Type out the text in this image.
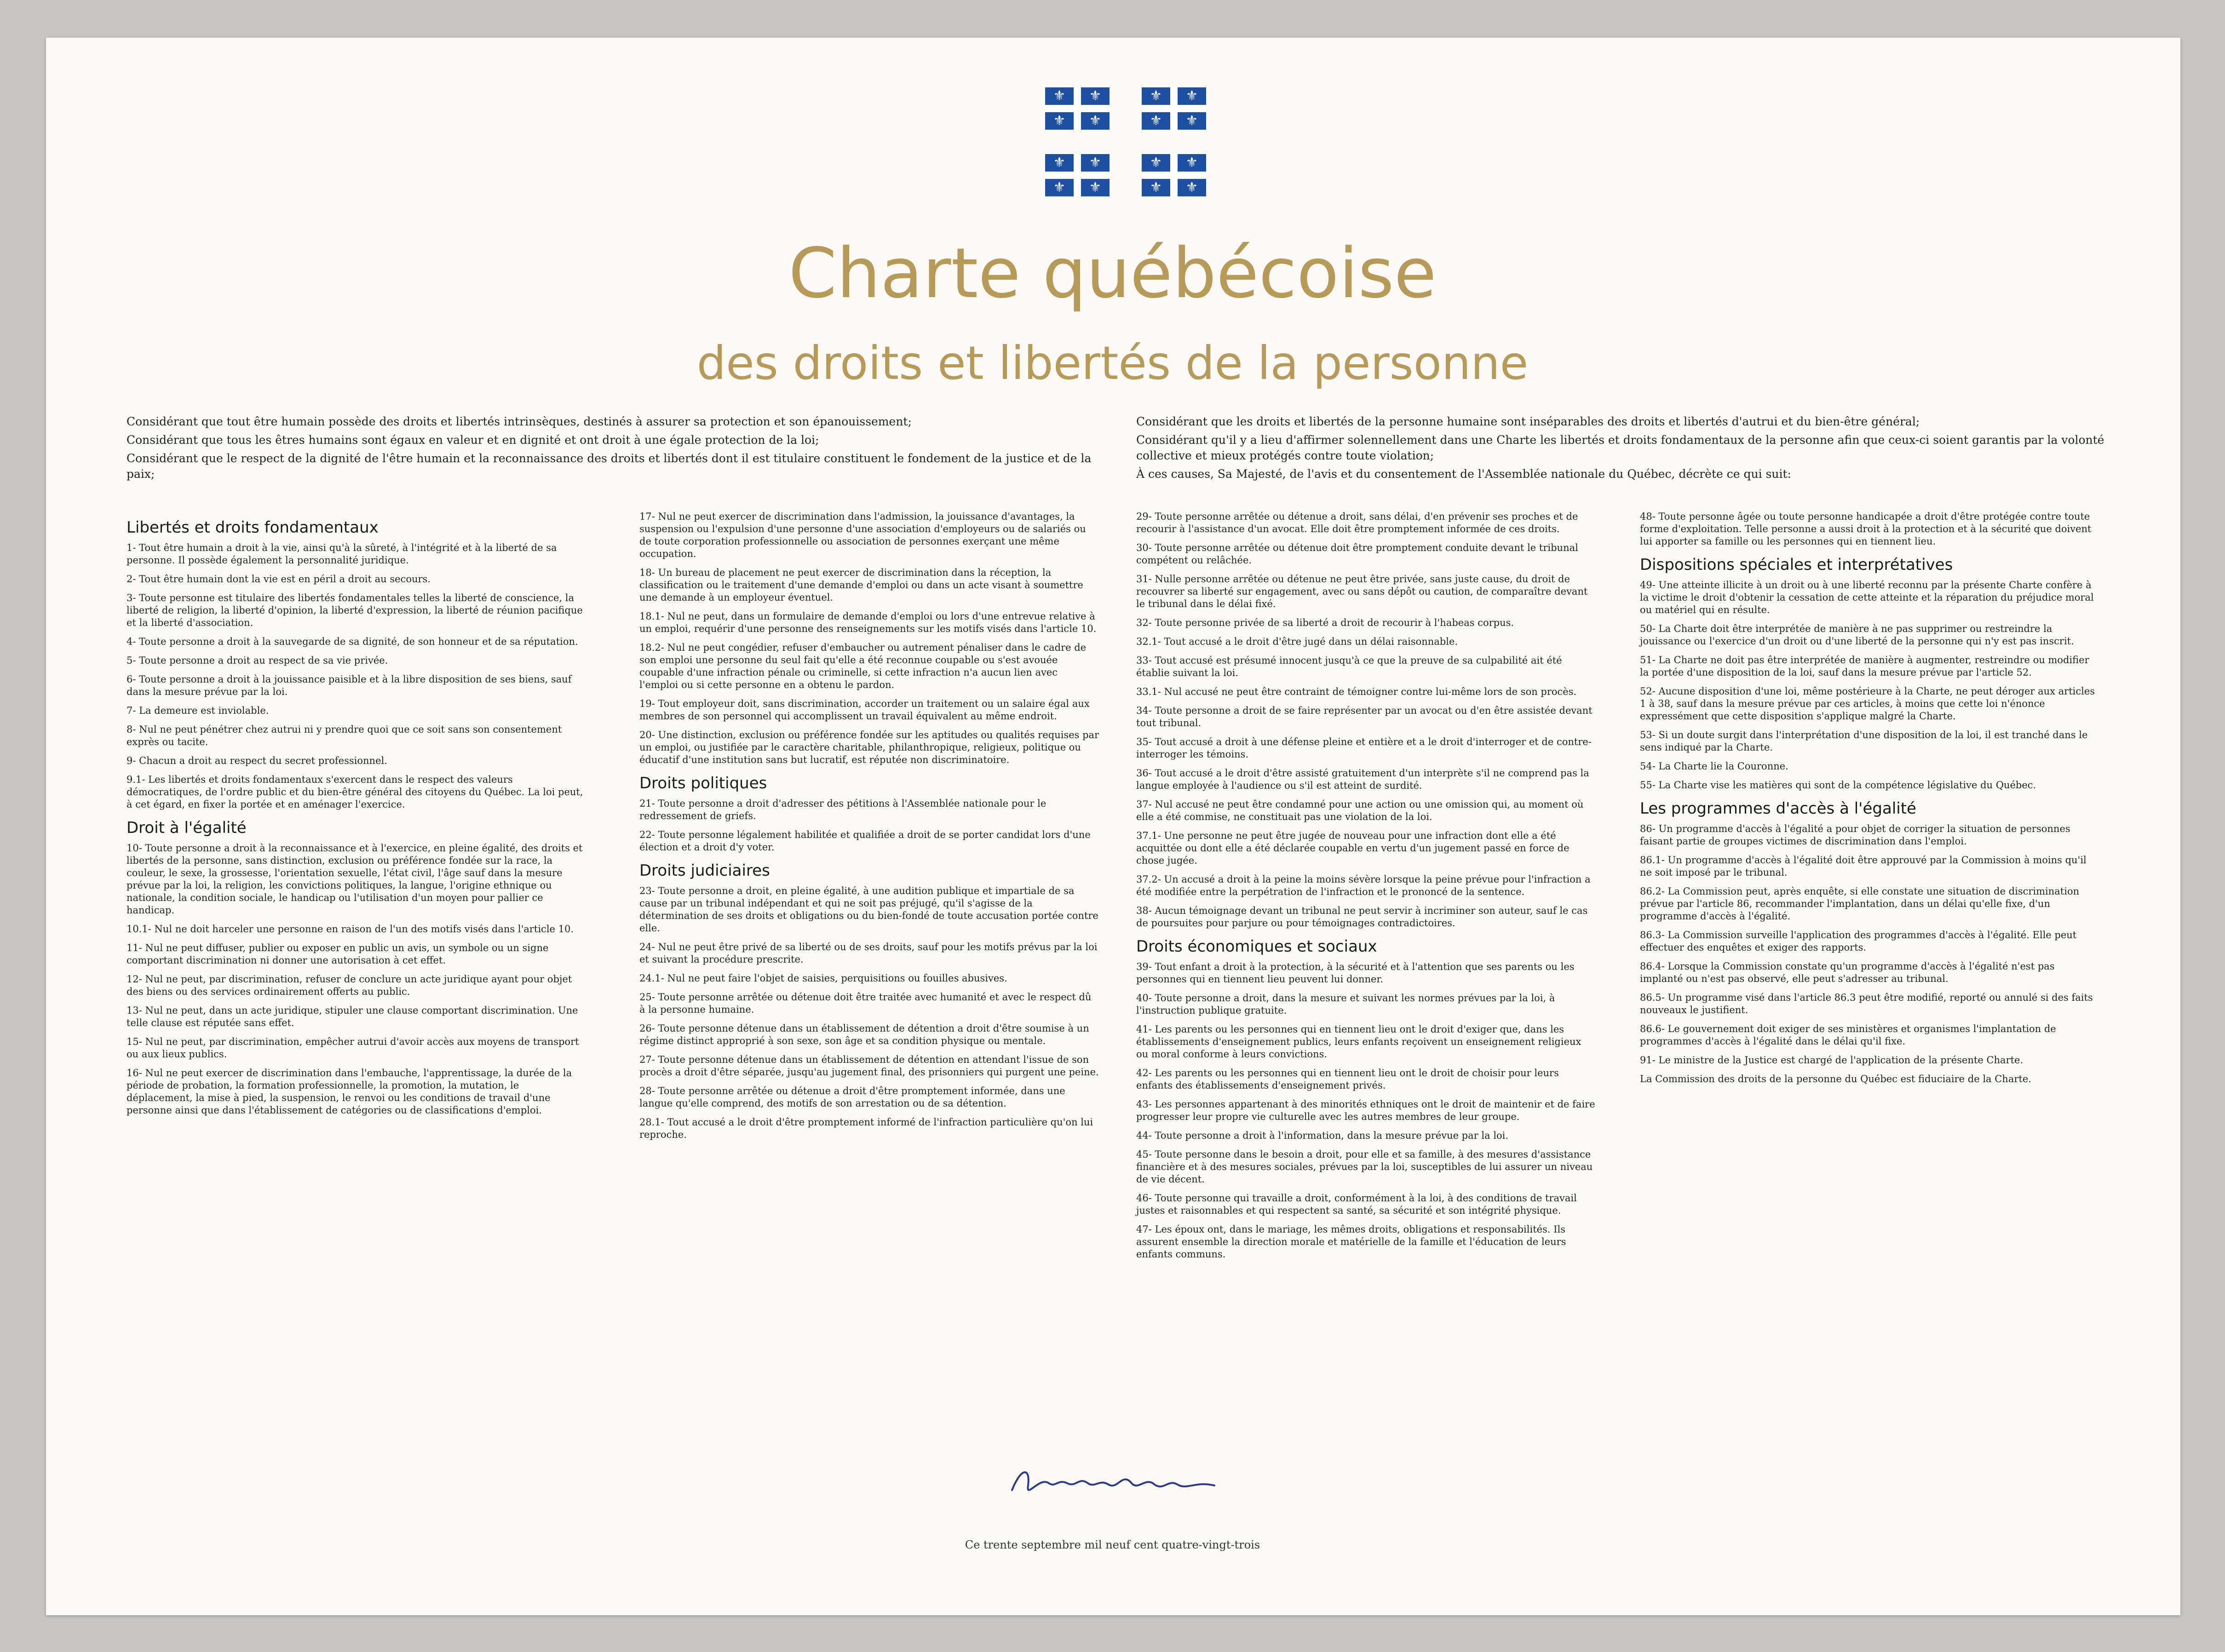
⚜	⚜
⚜	⚜
⚜	⚜
⚜	⚜
⚜	⚜
⚜	⚜
⚜	⚜
⚜	⚜
Charte québécoise
des droits et libertés de la personne

Considérant que tout être humain possède des droits et libertés intrinsèques, destinés à assurer sa protection et son épanouissement;

Considérant que tous les êtres humains sont égaux en valeur et en dignité et ont droit à une égale protection de la loi;

Considérant que le respect de la dignité de l'être humain et la reconnaissance des droits et libertés dont il est titulaire constituent le fondement de la justice et de la paix;

Considérant que les droits et libertés de la personne humaine sont inséparables des droits et libertés d'autrui et du bien-être général;

Considérant qu'il y a lieu d'affirmer solennellement dans une Charte les libertés et droits fondamentaux de la personne afin que ceux-ci soient garantis par la volonté collective et mieux protégés contre toute violation;

À ces causes, Sa Majesté, de l'avis et du consentement de l'Assemblée nationale du Québec, décrète ce qui suit:

Libertés et droits fondamentaux

1- Tout être humain a droit à la vie, ainsi qu'à la sûreté, à l'intégrité et à la liberté de sa personne. Il possède également la personnalité juridique.

2- Tout être humain dont la vie est en péril a droit au secours.

3- Toute personne est titulaire des libertés fondamentales telles la liberté de conscience, la liberté de religion, la liberté d'opinion, la liberté d'expression, la liberté de réunion pacifique et la liberté d'association.

4- Toute personne a droit à la sauvegarde de sa dignité, de son honneur et de sa réputation.

5- Toute personne a droit au respect de sa vie privée.

6- Toute personne a droit à la jouissance paisible et à la libre disposition de ses biens, sauf dans la mesure prévue par la loi.

7- La demeure est inviolable.

8- Nul ne peut pénétrer chez autrui ni y prendre quoi que ce soit sans son consentement exprès ou tacite.

9- Chacun a droit au respect du secret professionnel.

9.1- Les libertés et droits fondamentaux s'exercent dans le respect des valeurs démocratiques, de l'ordre public et du bien-être général des citoyens du Québec. La loi peut, à cet égard, en fixer la portée et en aménager l'exercice.

Droit à l'égalité

10- Toute personne a droit à la reconnaissance et à l'exercice, en pleine égalité, des droits et libertés de la personne, sans distinction, exclusion ou préférence fondée sur la race, la couleur, le sexe, la grossesse, l'orientation sexuelle, l'état civil, l'âge sauf dans la mesure prévue par la loi, la religion, les convictions politiques, la langue, l'origine ethnique ou nationale, la condition sociale, le handicap ou l'utilisation d'un moyen pour pallier ce handicap.

10.1- Nul ne doit harceler une personne en raison de l'un des motifs visés dans l'article 10.

11- Nul ne peut diffuser, publier ou exposer en public un avis, un symbole ou un signe comportant discrimination ni donner une autorisation à cet effet.

12- Nul ne peut, par discrimination, refuser de conclure un acte juridique ayant pour objet des biens ou des services ordinairement offerts au public.

13- Nul ne peut, dans un acte juridique, stipuler une clause comportant discrimination. Une telle clause est réputée sans effet.

15- Nul ne peut, par discrimination, empêcher autrui d'avoir accès aux moyens de transport ou aux lieux publics.

16- Nul ne peut exercer de discrimination dans l'embauche, l'apprentissage, la durée de la période de probation, la formation professionnelle, la promotion, la mutation, le déplacement, la mise à pied, la suspension, le renvoi ou les conditions de travail d'une personne ainsi que dans l'établissement de catégories ou de classifications d'emploi.

17- Nul ne peut exercer de discrimination dans l'admission, la jouissance d'avantages, la suspension ou l'expulsion d'une personne d'une association d'employeurs ou de salariés ou de toute corporation professionnelle ou association de personnes exerçant une même occupation.

18- Un bureau de placement ne peut exercer de discrimination dans la réception, la classification ou le traitement d'une demande d'emploi ou dans un acte visant à soumettre une demande à un employeur éventuel.

18.1- Nul ne peut, dans un formulaire de demande d'emploi ou lors d'une entrevue relative à un emploi, requérir d'une personne des renseignements sur les motifs visés dans l'article 10.

18.2- Nul ne peut congédier, refuser d'embaucher ou autrement pénaliser dans le cadre de son emploi une personne du seul fait qu'elle a été reconnue coupable ou s'est avouée coupable d'une infraction pénale ou criminelle, si cette infraction n'a aucun lien avec l'emploi ou si cette personne en a obtenu le pardon.

19- Tout employeur doit, sans discrimination, accorder un traitement ou un salaire égal aux membres de son personnel qui accomplissent un travail équivalent au même endroit.

20- Une distinction, exclusion ou préférence fondée sur les aptitudes ou qualités requises par un emploi, ou justifiée par le caractère charitable, philanthropique, religieux, politique ou éducatif d'une institution sans but lucratif, est réputée non discriminatoire.

Droits politiques

21- Toute personne a droit d'adresser des pétitions à l'Assemblée nationale pour le redressement de griefs.

22- Toute personne légalement habilitée et qualifiée a droit de se porter candidat lors d'une élection et a droit d'y voter.

Droits judiciaires

23- Toute personne a droit, en pleine égalité, à une audition publique et impartiale de sa cause par un tribunal indépendant et qui ne soit pas préjugé, qu'il s'agisse de la détermination de ses droits et obligations ou du bien-fondé de toute accusation portée contre elle.

24- Nul ne peut être privé de sa liberté ou de ses droits, sauf pour les motifs prévus par la loi et suivant la procédure prescrite.

24.1- Nul ne peut faire l'objet de saisies, perquisitions ou fouilles abusives.

25- Toute personne arrêtée ou détenue doit être traitée avec humanité et avec le respect dû à la personne humaine.

26- Toute personne détenue dans un établissement de détention a droit d'être soumise à un régime distinct approprié à son sexe, son âge et sa condition physique ou mentale.

27- Toute personne détenue dans un établissement de détention en attendant l'issue de son procès a droit d'être séparée, jusqu'au jugement final, des prisonniers qui purgent une peine.

28- Toute personne arrêtée ou détenue a droit d'être promptement informée, dans une langue qu'elle comprend, des motifs de son arrestation ou de sa détention.

28.1- Tout accusé a le droit d'être promptement informé de l'infraction particulière qu'on lui reproche.

29- Toute personne arrêtée ou détenue a droit, sans délai, d'en prévenir ses proches et de recourir à l'assistance d'un avocat. Elle doit être promptement informée de ces droits.

30- Toute personne arrêtée ou détenue doit être promptement conduite devant le tribunal compétent ou relâchée.

31- Nulle personne arrêtée ou détenue ne peut être privée, sans juste cause, du droit de recouvrer sa liberté sur engagement, avec ou sans dépôt ou caution, de comparaître devant le tribunal dans le délai fixé.

32- Toute personne privée de sa liberté a droit de recourir à l'habeas corpus.

32.1- Tout accusé a le droit d'être jugé dans un délai raisonnable.

33- Tout accusé est présumé innocent jusqu'à ce que la preuve de sa culpabilité ait été établie suivant la loi.

33.1- Nul accusé ne peut être contraint de témoigner contre lui-même lors de son procès.

34- Toute personne a droit de se faire représenter par un avocat ou d'en être assistée devant tout tribunal.

35- Tout accusé a droit à une défense pleine et entière et a le droit d'interroger et de contre-interroger les témoins.

36- Tout accusé a le droit d'être assisté gratuitement d'un interprète s'il ne comprend pas la langue employée à l'audience ou s'il est atteint de surdité.

37- Nul accusé ne peut être condamné pour une action ou une omission qui, au moment où elle a été commise, ne constituait pas une violation de la loi.

37.1- Une personne ne peut être jugée de nouveau pour une infraction dont elle a été acquittée ou dont elle a été déclarée coupable en vertu d'un jugement passé en force de chose jugée.

37.2- Un accusé a droit à la peine la moins sévère lorsque la peine prévue pour l'infraction a été modifiée entre la perpétration de l'infraction et le prononcé de la sentence.

38- Aucun témoignage devant un tribunal ne peut servir à incriminer son auteur, sauf le cas de poursuites pour parjure ou pour témoignages contradictoires.

Droits économiques et sociaux

39- Tout enfant a droit à la protection, à la sécurité et à l'attention que ses parents ou les personnes qui en tiennent lieu peuvent lui donner.

40- Toute personne a droit, dans la mesure et suivant les normes prévues par la loi, à l'instruction publique gratuite.

41- Les parents ou les personnes qui en tiennent lieu ont le droit d'exiger que, dans les établissements d'enseignement publics, leurs enfants reçoivent un enseignement religieux ou moral conforme à leurs convictions.

42- Les parents ou les personnes qui en tiennent lieu ont le droit de choisir pour leurs enfants des établissements d'enseignement privés.

43- Les personnes appartenant à des minorités ethniques ont le droit de maintenir et de faire progresser leur propre vie culturelle avec les autres membres de leur groupe.

44- Toute personne a droit à l'information, dans la mesure prévue par la loi.

45- Toute personne dans le besoin a droit, pour elle et sa famille, à des mesures d'assistance financière et à des mesures sociales, prévues par la loi, susceptibles de lui assurer un niveau de vie décent.

46- Toute personne qui travaille a droit, conformément à la loi, à des conditions de travail justes et raisonnables et qui respectent sa santé, sa sécurité et son intégrité physique.

47- Les époux ont, dans le mariage, les mêmes droits, obligations et responsabilités. Ils assurent ensemble la direction morale et matérielle de la famille et l'éducation de leurs enfants communs.

48- Toute personne âgée ou toute personne handicapée a droit d'être protégée contre toute forme d'exploitation. Telle personne a aussi droit à la protection et à la sécurité que doivent lui apporter sa famille ou les personnes qui en tiennent lieu.

Dispositions spéciales et interprétatives

49- Une atteinte illicite à un droit ou à une liberté reconnu par la présente Charte confère à la victime le droit d'obtenir la cessation de cette atteinte et la réparation du préjudice moral ou matériel qui en résulte.

50- La Charte doit être interprétée de manière à ne pas supprimer ou restreindre la jouissance ou l'exercice d'un droit ou d'une liberté de la personne qui n'y est pas inscrit.

51- La Charte ne doit pas être interprétée de manière à augmenter, restreindre ou modifier la portée d'une disposition de la loi, sauf dans la mesure prévue par l'article 52.

52- Aucune disposition d'une loi, même postérieure à la Charte, ne peut déroger aux articles 1 à 38, sauf dans la mesure prévue par ces articles, à moins que cette loi n'énonce expressément que cette disposition s'applique malgré la Charte.

53- Si un doute surgit dans l'interprétation d'une disposition de la loi, il est tranché dans le sens indiqué par la Charte.

54- La Charte lie la Couronne.

55- La Charte vise les matières qui sont de la compétence législative du Québec.

Les programmes d'accès à l'égalité

86- Un programme d'accès à l'égalité a pour objet de corriger la situation de personnes faisant partie de groupes victimes de discrimination dans l'emploi.

86.1- Un programme d'accès à l'égalité doit être approuvé par la Commission à moins qu'il ne soit imposé par le tribunal.

86.2- La Commission peut, après enquête, si elle constate une situation de discrimination prévue par l'article 86, recommander l'implantation, dans un délai qu'elle fixe, d'un programme d'accès à l'égalité.

86.3- La Commission surveille l'application des programmes d'accès à l'égalité. Elle peut effectuer des enquêtes et exiger des rapports.

86.4- Lorsque la Commission constate qu'un programme d'accès à l'égalité n'est pas implanté ou n'est pas observé, elle peut s'adresser au tribunal.

86.5- Un programme visé dans l'article 86.3 peut être modifié, reporté ou annulé si des faits nouveaux le justifient.

86.6- Le gouvernement doit exiger de ses ministères et organismes l'implantation de programmes d'accès à l'égalité dans le délai qu'il fixe.

91- Le ministre de la Justice est chargé de l'application de la présente Charte.

La Commission des droits de la personne du Québec est fiduciaire de la Charte.

Ce trente septembre mil neuf cent quatre-vingt-trois
